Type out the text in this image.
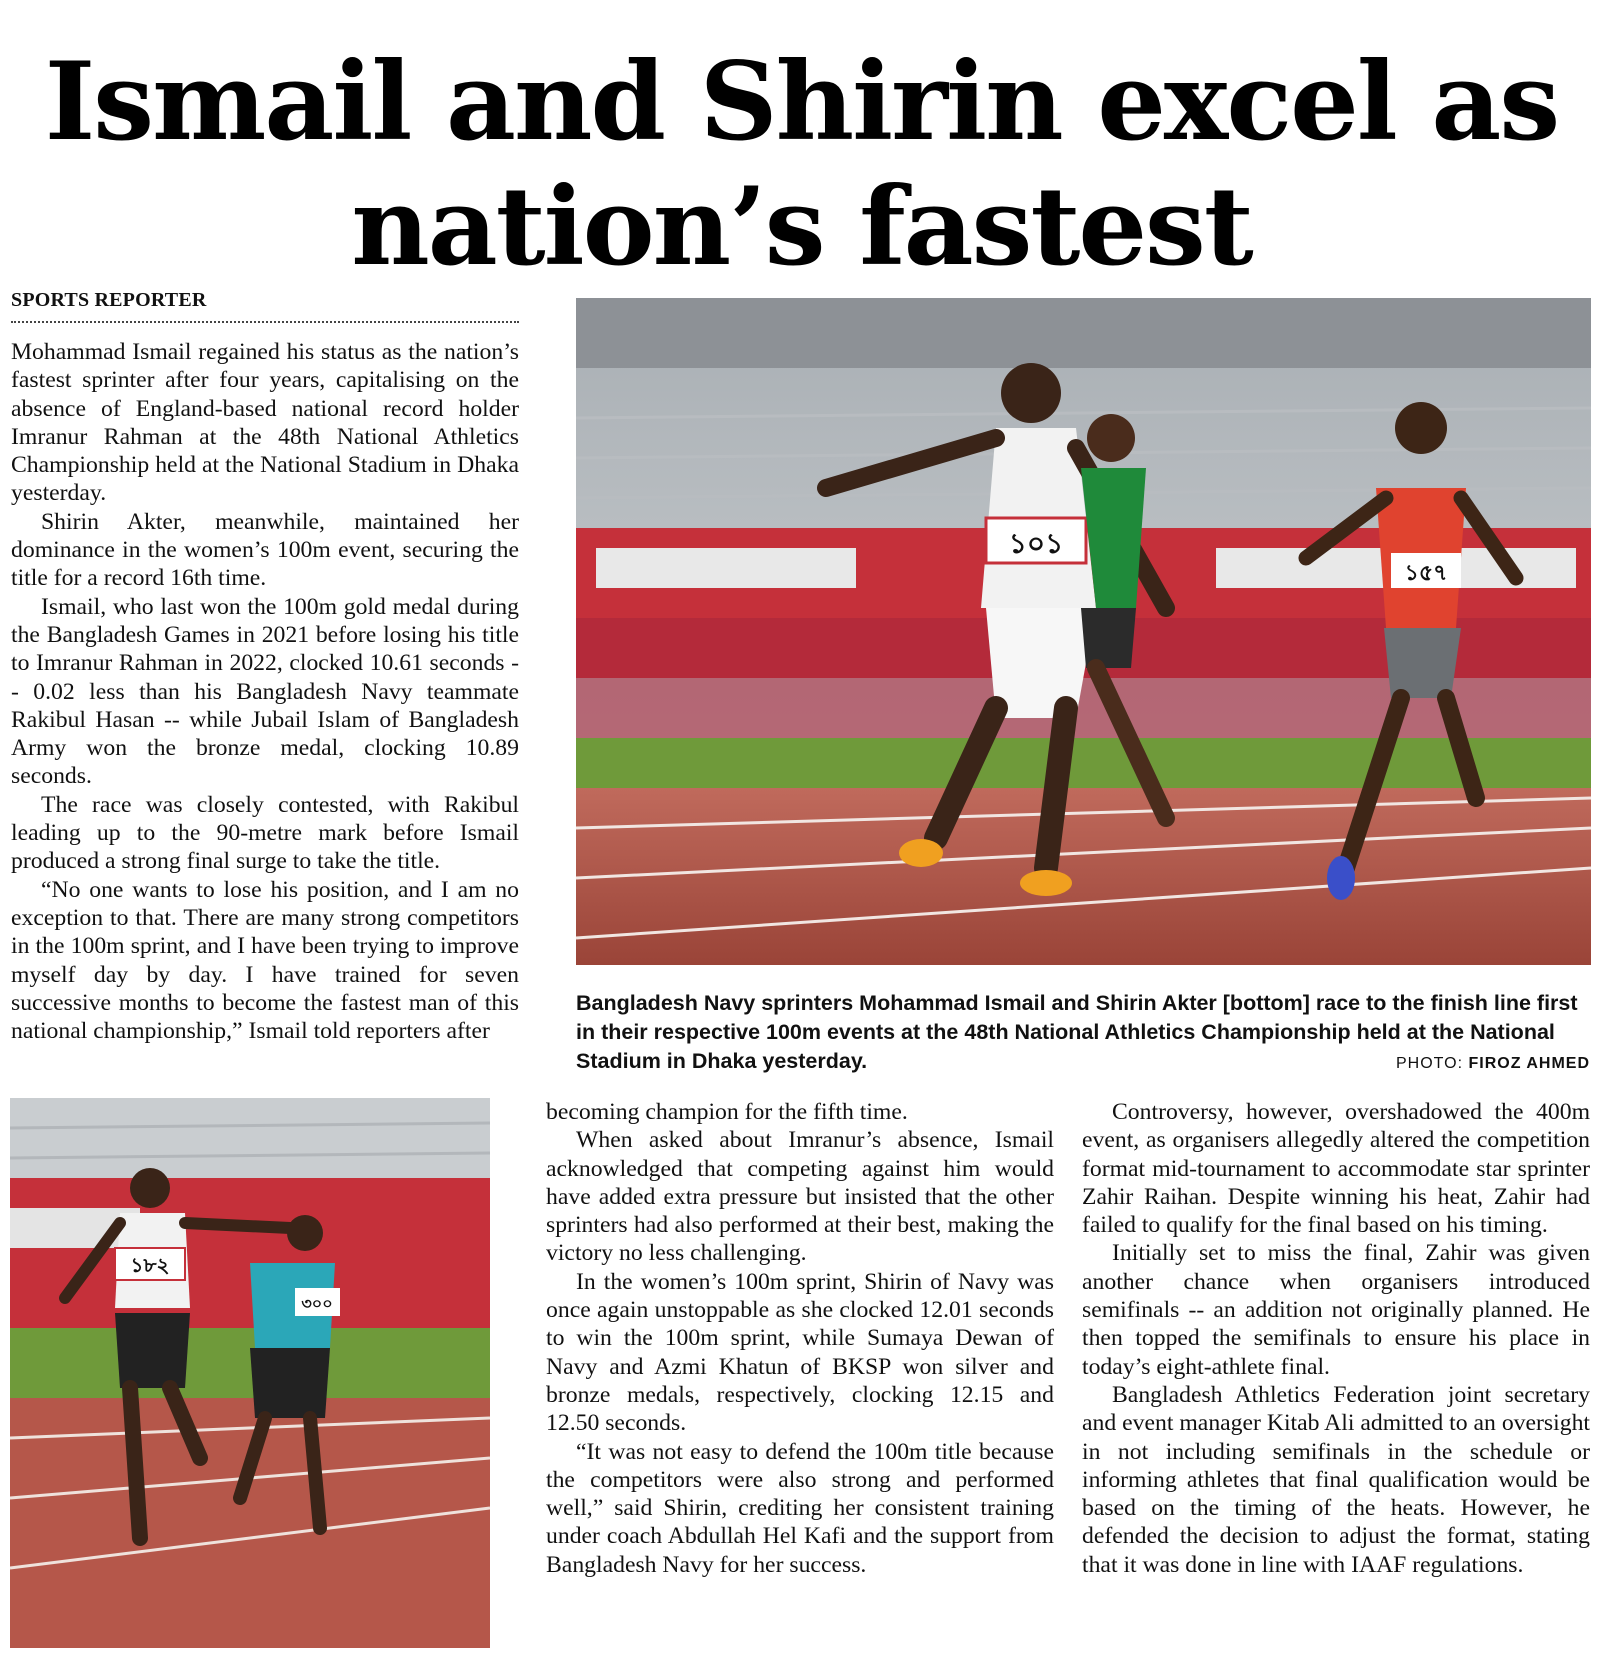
Ismail and Shirin excel as nation’s fastest
SPORTS REPORTER

Mohammad Ismail regained his status as the nation’s fastest sprinter after four years, capitalising on the absence of England-based national record holder Imranur Rahman at the 48th National Athletics Championship held at the National Stadium in Dhaka yesterday.

Shirin Akter, meanwhile, maintained her dominance in the women’s 100m event, securing the title for a record 16th time.

Ismail, who last won the 100m gold medal during the Bangladesh Games in 2021 before losing his title to Imranur Rahman in 2022, clocked 10.61 seconds -- 0.02 less than his Bangladesh Navy teammate Rakibul Hasan -- while Jubail Islam of Bangladesh Army won the bronze medal, clocking 10.89 seconds.

The race was closely contested, with Rakibul leading up to the 90-metre mark before Ismail produced a strong final surge to take the title.

“No one wants to lose his position, and I am no exception to that. There are many strong competitors in the 100m sprint, and I have been trying to improve myself day by day. I have trained for seven successive months to become the fastest man of this national championship,” Ismail told reporters after

১০১
১৫৭
Bangladesh Navy sprinters Mohammad Ismail and Shirin Akter [bottom] race to the finish line first in their respective 100m events at the 48th National Athletics Championship held at the National Stadium in Dhaka yesterday.	PHOTO: FIROZ AHMED
১৮২
৩০০

becoming champion for the fifth time.

When asked about Imranur’s absence, Ismail acknowledged that competing against him would have added extra pressure but insisted that the other sprinters had also performed at their best, making the victory no less challenging.

In the women’s 100m sprint, Shirin of Navy was once again unstoppable as she clocked 12.01 seconds to win the 100m sprint, while Sumaya Dewan of Navy and Azmi Khatun of BKSP won silver and bronze medals, respectively, clocking 12.15 and 12.50 seconds.

“It was not easy to defend the 100m title because the competitors were also strong and performed well,” said Shirin, crediting her consistent training under coach Abdullah Hel Kafi and the support from Bangladesh Navy for her success.

Controversy, however, overshadowed the 400m event, as organisers allegedly altered the competition format mid-tournament to accommodate star sprinter Zahir Raihan. Despite winning his heat, Zahir had failed to qualify for the final based on his timing.

Initially set to miss the final, Zahir was given another chance when organisers introduced semifinals -- an addition not originally planned. He then topped the semifinals to ensure his place in today’s eight-athlete final.

Bangladesh Athletics Federation joint secretary and event manager Kitab Ali admitted to an oversight in not including semifinals in the schedule or informing athletes that final qualification would be based on the timing of the heats. However, he defended the decision to adjust the format, stating that it was done in line with IAAF regulations.
